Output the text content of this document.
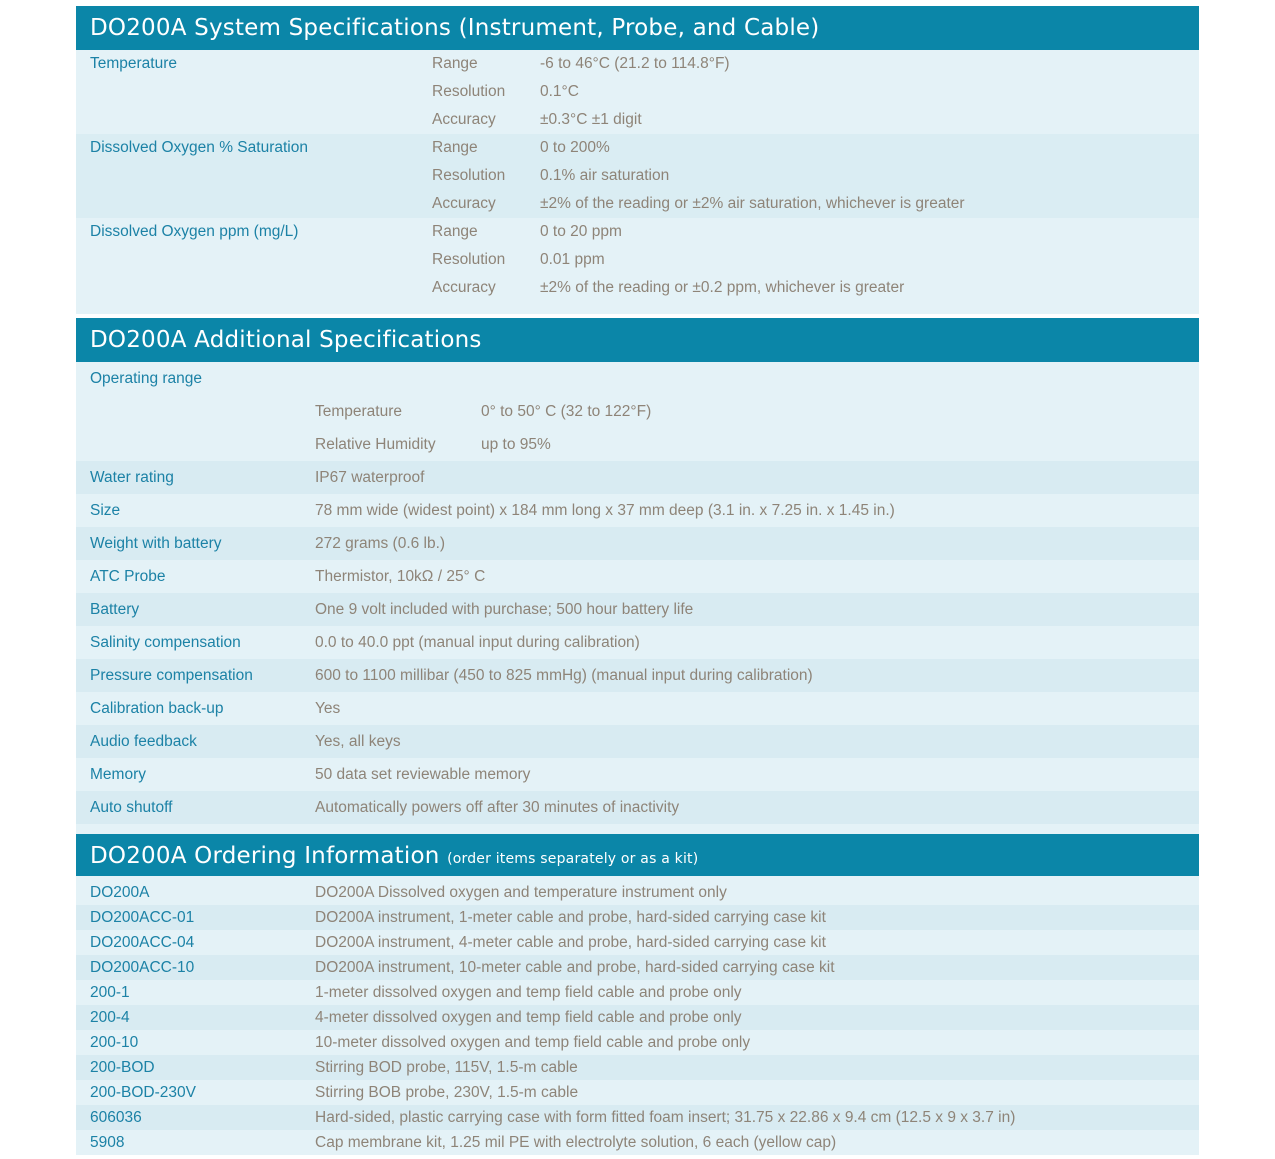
DO200A System Specifications (Instrument, Probe, and Cable)
Temperature	Range	-6 to 46°C (21.2 to 114.8°F)
Resolution 0.1°C
Accuracy	±0.3°C ±1 digit
Dissolved Oxygen % Saturation	Range	0 to 200%
Resolution 0.1% air saturation
Accuracy	±2% of the reading or ±2% air saturation, whichever is greater
Dissolved Oxygen ppm (mg/L)	Range	0 to 20 ppm
Resolution 0.01 ppm
Accuracy	±2% of the reading or ±0.2 ppm, whichever is greater
DO200A Additional Specifications
Operating range
Temperature	0° to 50° C (32 to 122°F)
Relative Humidity	up to 95%
Water rating	IP67 waterproof
Size	78 mm wide (widest point) x 184 mm long x 37 mm deep (3.1 in. x 7.25 in. x 1.45 in.)
Weight with battery	272 grams (0.6 lb.)
ATC Probe	Thermistor, 10kΩ / 25° C
Battery	One 9 volt included with purchase; 500 hour battery life
Salinity compensation	0.0 to 40.0 ppt (manual input during calibration)
Pressure compensation	600 to 1100 millibar (450 to 825 mmHg) (manual input during calibration)
Calibration back-up	Yes
Audio feedback	Yes, all keys
Memory	50 data set reviewable memory
Auto shutoff	Automatically powers off after 30 minutes of inactivity
DO200A Ordering Information (order items separately or as a kit)
DO200A	DO200A Dissolved oxygen and temperature instrument only
DO200ACC-01	DO200A instrument, 1-meter cable and probe, hard-sided carrying case kit
DO200ACC-04	DO200A instrument, 4-meter cable and probe, hard-sided carrying case kit
DO200ACC-10	DO200A instrument, 10-meter cable and probe, hard-sided carrying case kit
200-1	1-meter dissolved oxygen and temp field cable and probe only
200-4	4-meter dissolved oxygen and temp field cable and probe only
200-10	10-meter dissolved oxygen and temp field cable and probe only
200-BOD	Stirring BOD probe, 115V, 1.5-m cable
200-BOD-230V	Stirring BOB probe, 230V, 1.5-m cable
606036	Hard-sided, plastic carrying case with form fitted foam insert; 31.75 x 22.86 x 9.4 cm (12.5 x 9 x 3.7 in)
5908	Cap membrane kit, 1.25 mil PE with electrolyte solution, 6 each (yellow cap)
